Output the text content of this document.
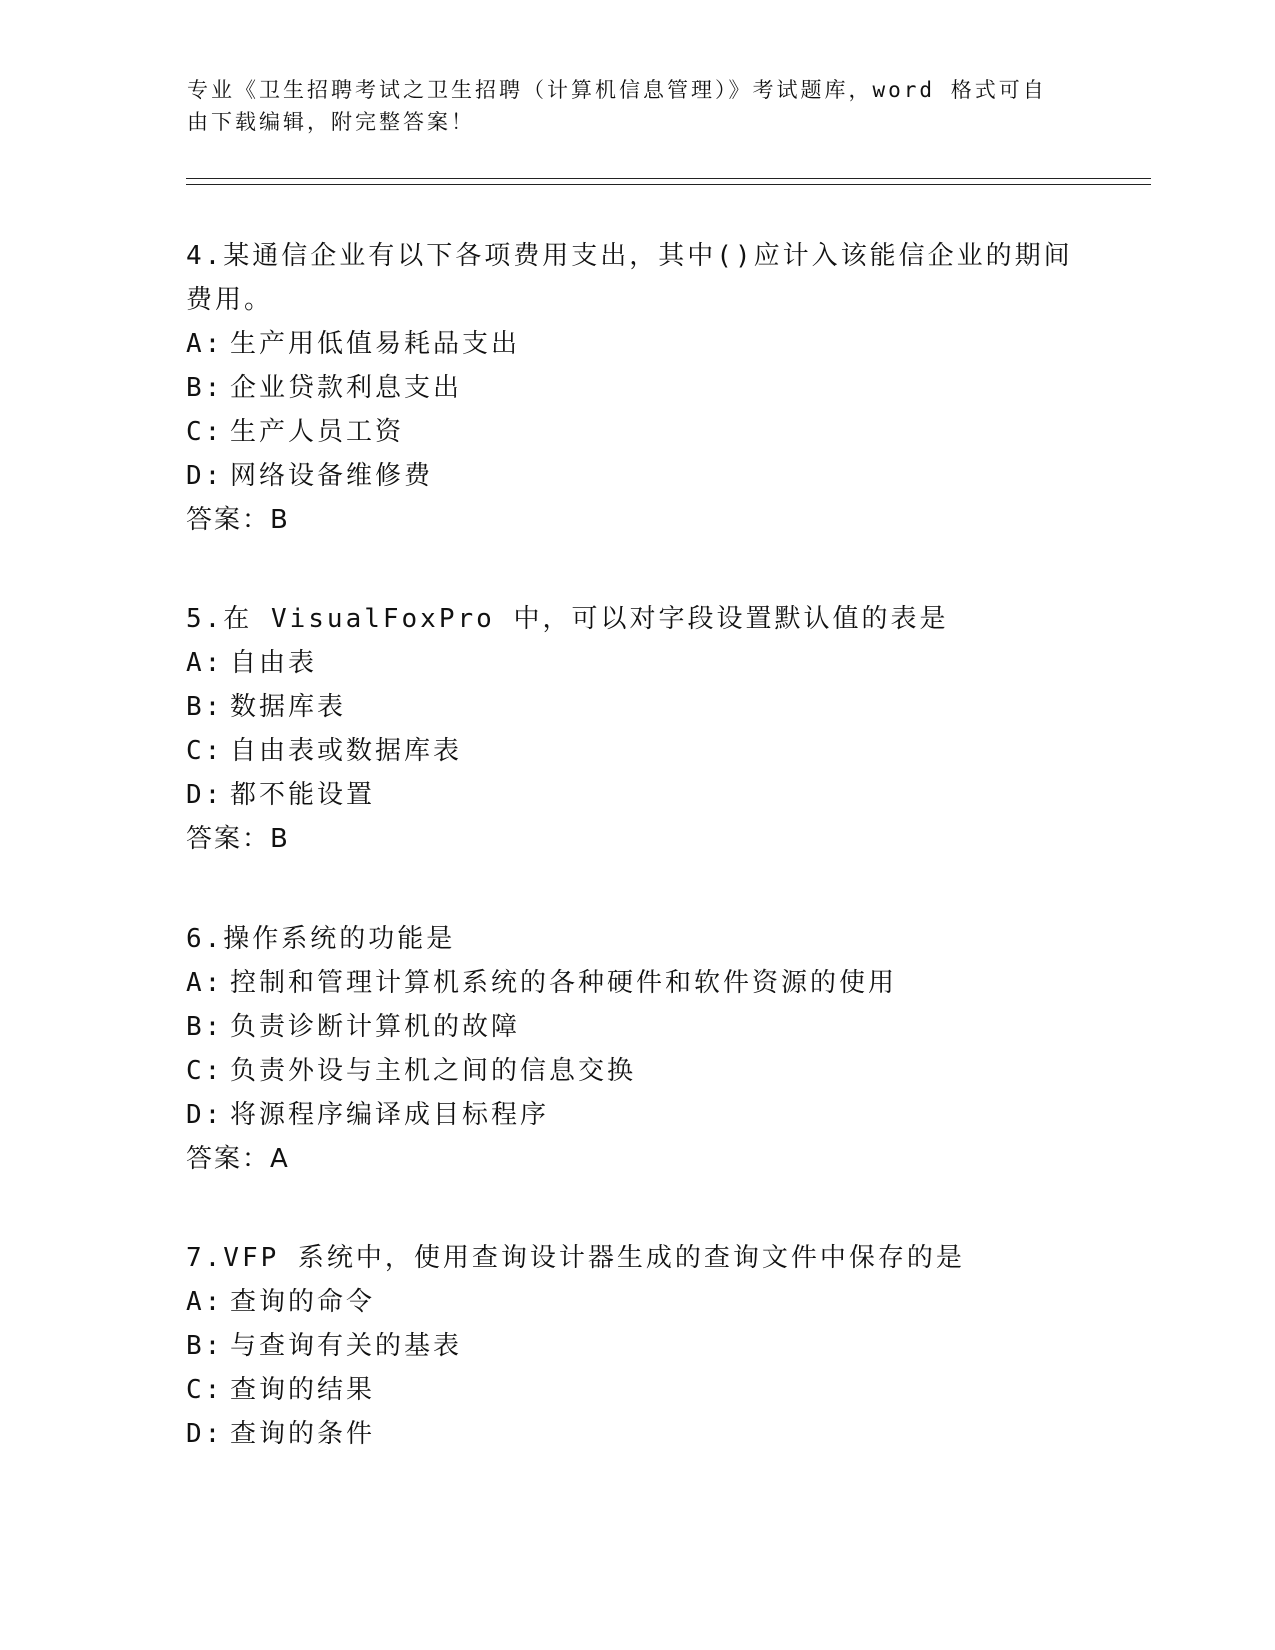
专业《卫生招聘考试之卫生招聘（计算机信息管理）》考试题库，word 格式可自
由下载编辑，附完整答案！

4.某通信企业有以下各项费用支出，其中()应计入该能信企业的期间

费用。

A: 生产用低值易耗品支出

B: 企业贷款利息支出

C: 生产人员工资

D: 网络设备维修费

答案：B

5.在 VisualFoxPro 中，可以对字段设置默认值的表是

A: 自由表

B: 数据库表

C: 自由表或数据库表

D: 都不能设置

答案：B

6.操作系统的功能是

A: 控制和管理计算机系统的各种硬件和软件资源的使用

B: 负责诊断计算机的故障

C: 负责外设与主机之间的信息交换

D: 将源程序编译成目标程序

答案：A

7.VFP 系统中，使用查询设计器生成的查询文件中保存的是

A: 查询的命令

B: 与查询有关的基表

C: 查询的结果

D: 查询的条件
